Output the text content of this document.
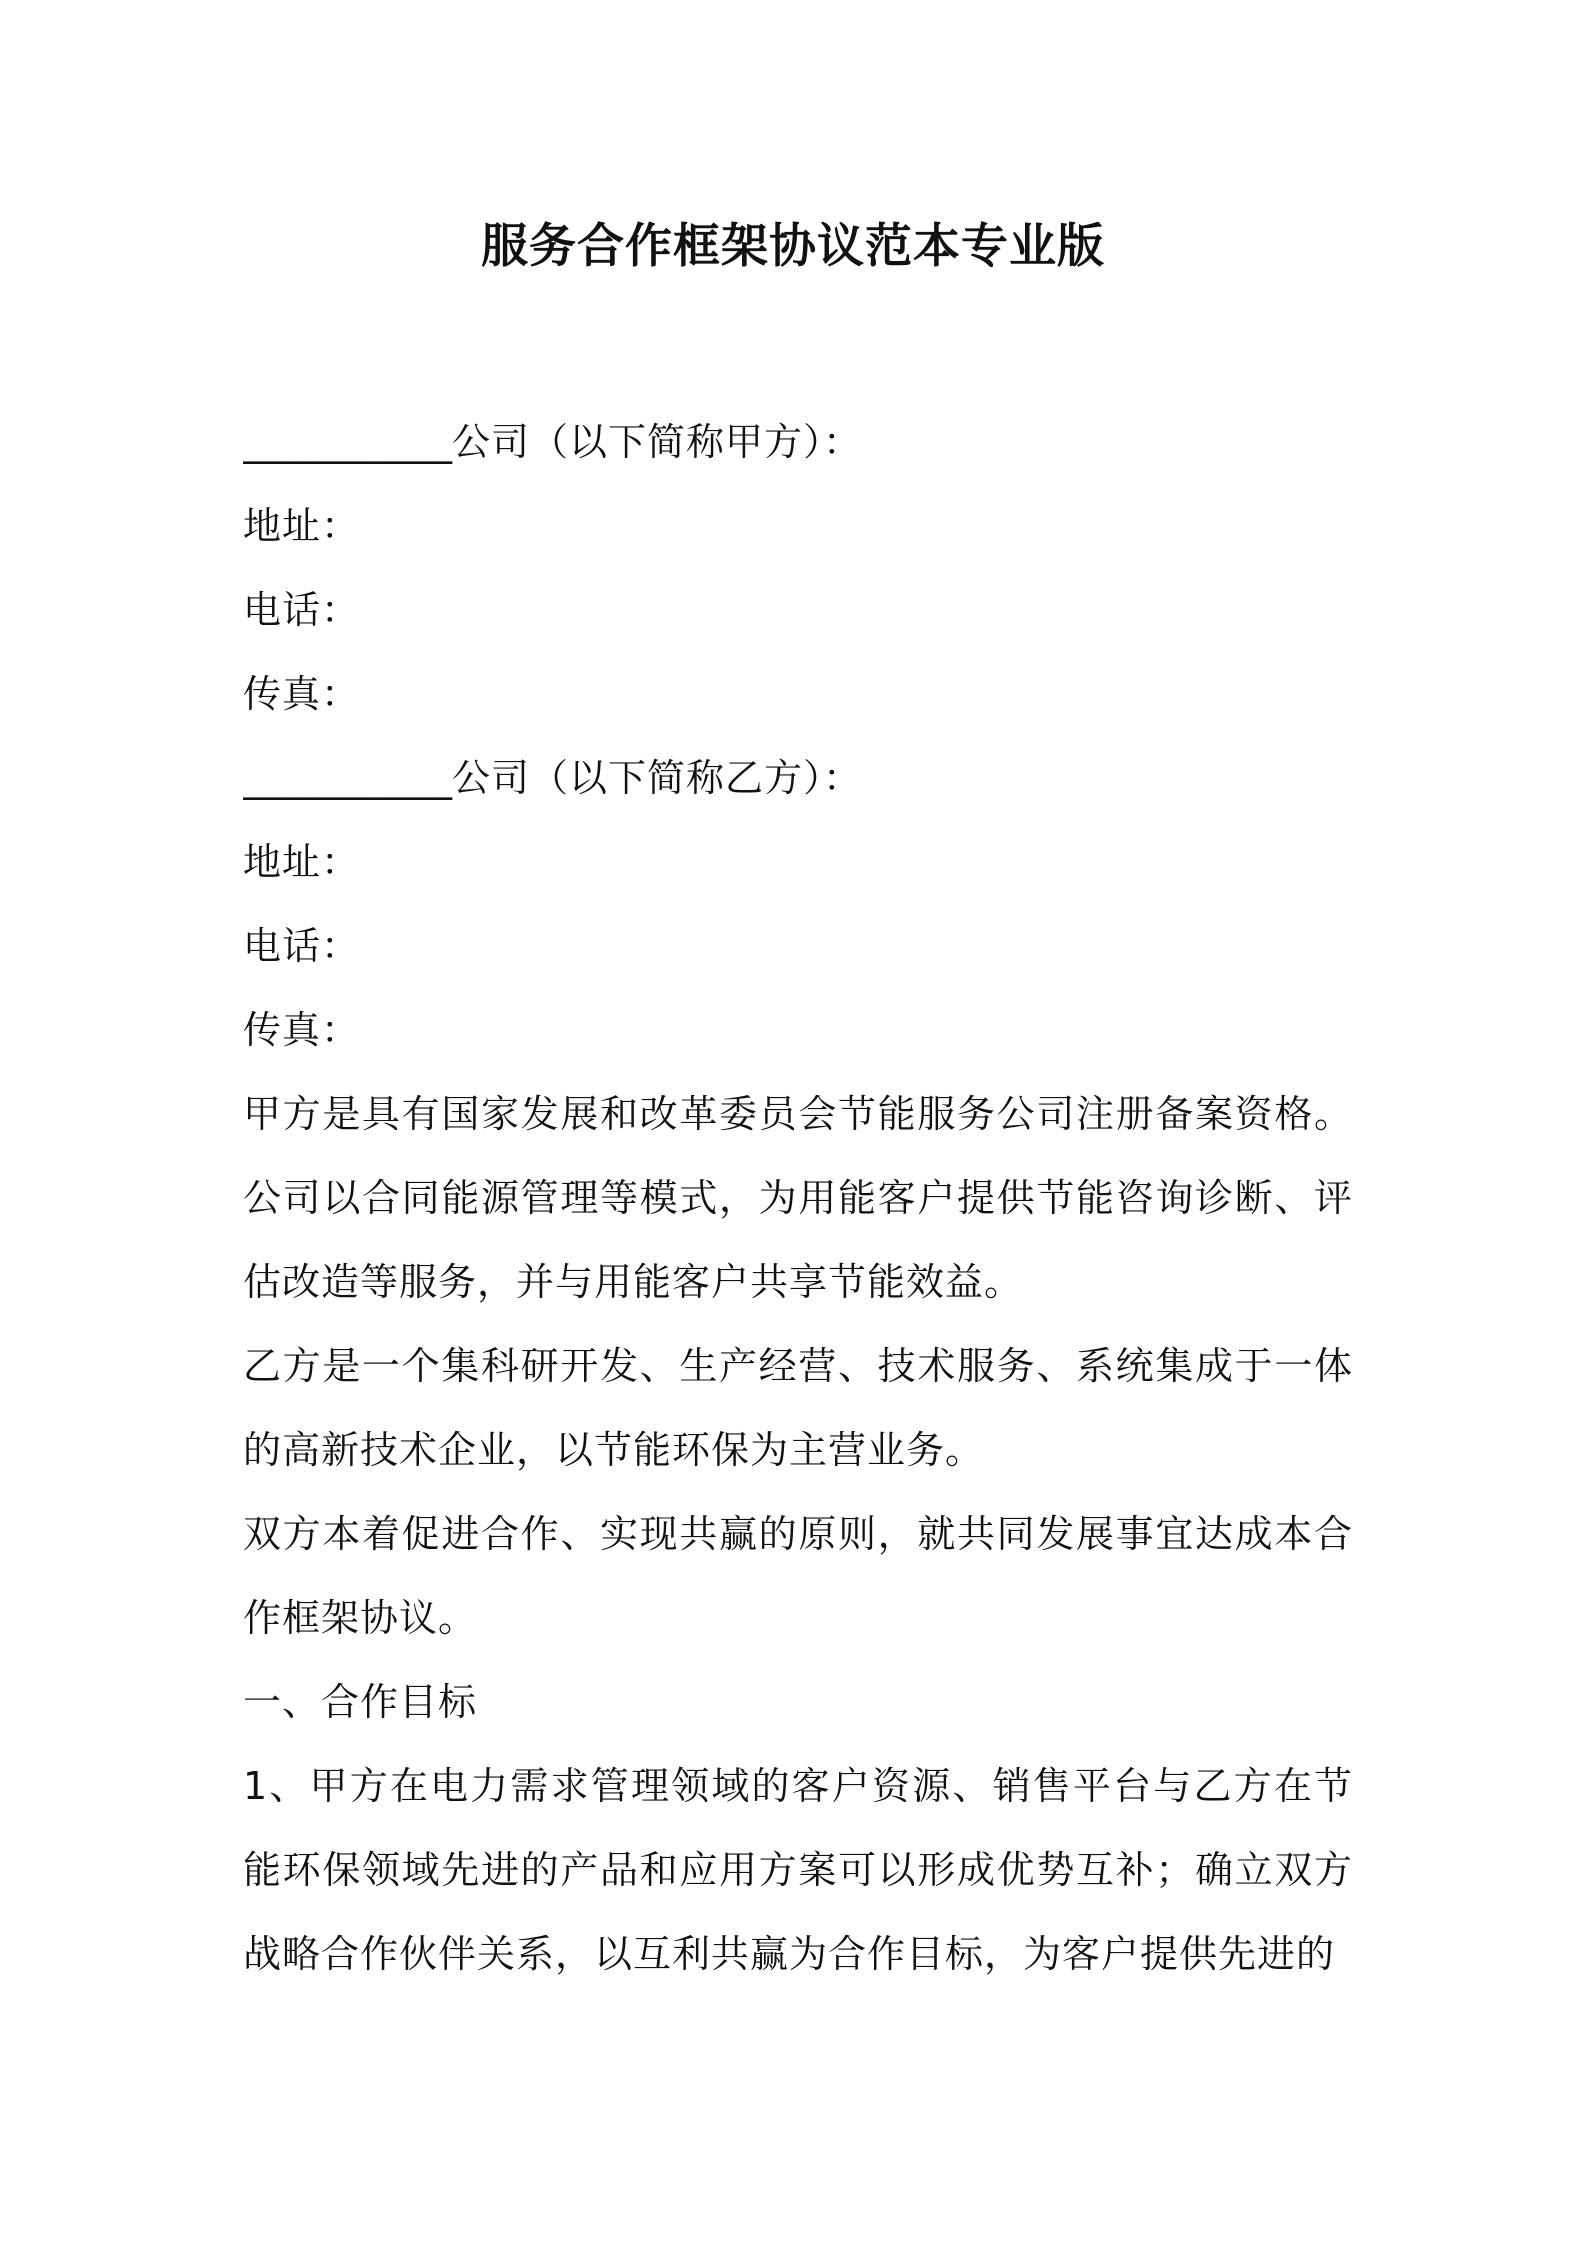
服务合作框架协议范本专业版
___________公司（以下简称甲方）：
地址：
电话：
传真：
___________公司（以下简称乙方）：
地址：
电话：
传真：
甲方是具有国家发展和改革委员会节能服务公司注册备案资格。公司以合同能源管理等模式，为用能客户提供节能咨询诊断、评估改造等服务，并与用能客户共享节能效益。
乙方是一个集科研开发、生产经营、技术服务、系统集成于一体的高新技术企业，以节能环保为主营业务。
双方本着促进合作、实现共赢的原则，就共同发展事宜达成本合作框架协议。
一、合作目标
1、甲方在电力需求管理领域的客户资源、销售平台与乙方在节能环保领域先进的产品和应用方案可以形成优势互补；确立双方战略合作伙伴关系，以互利共赢为合作目标，为客户提供先进的
